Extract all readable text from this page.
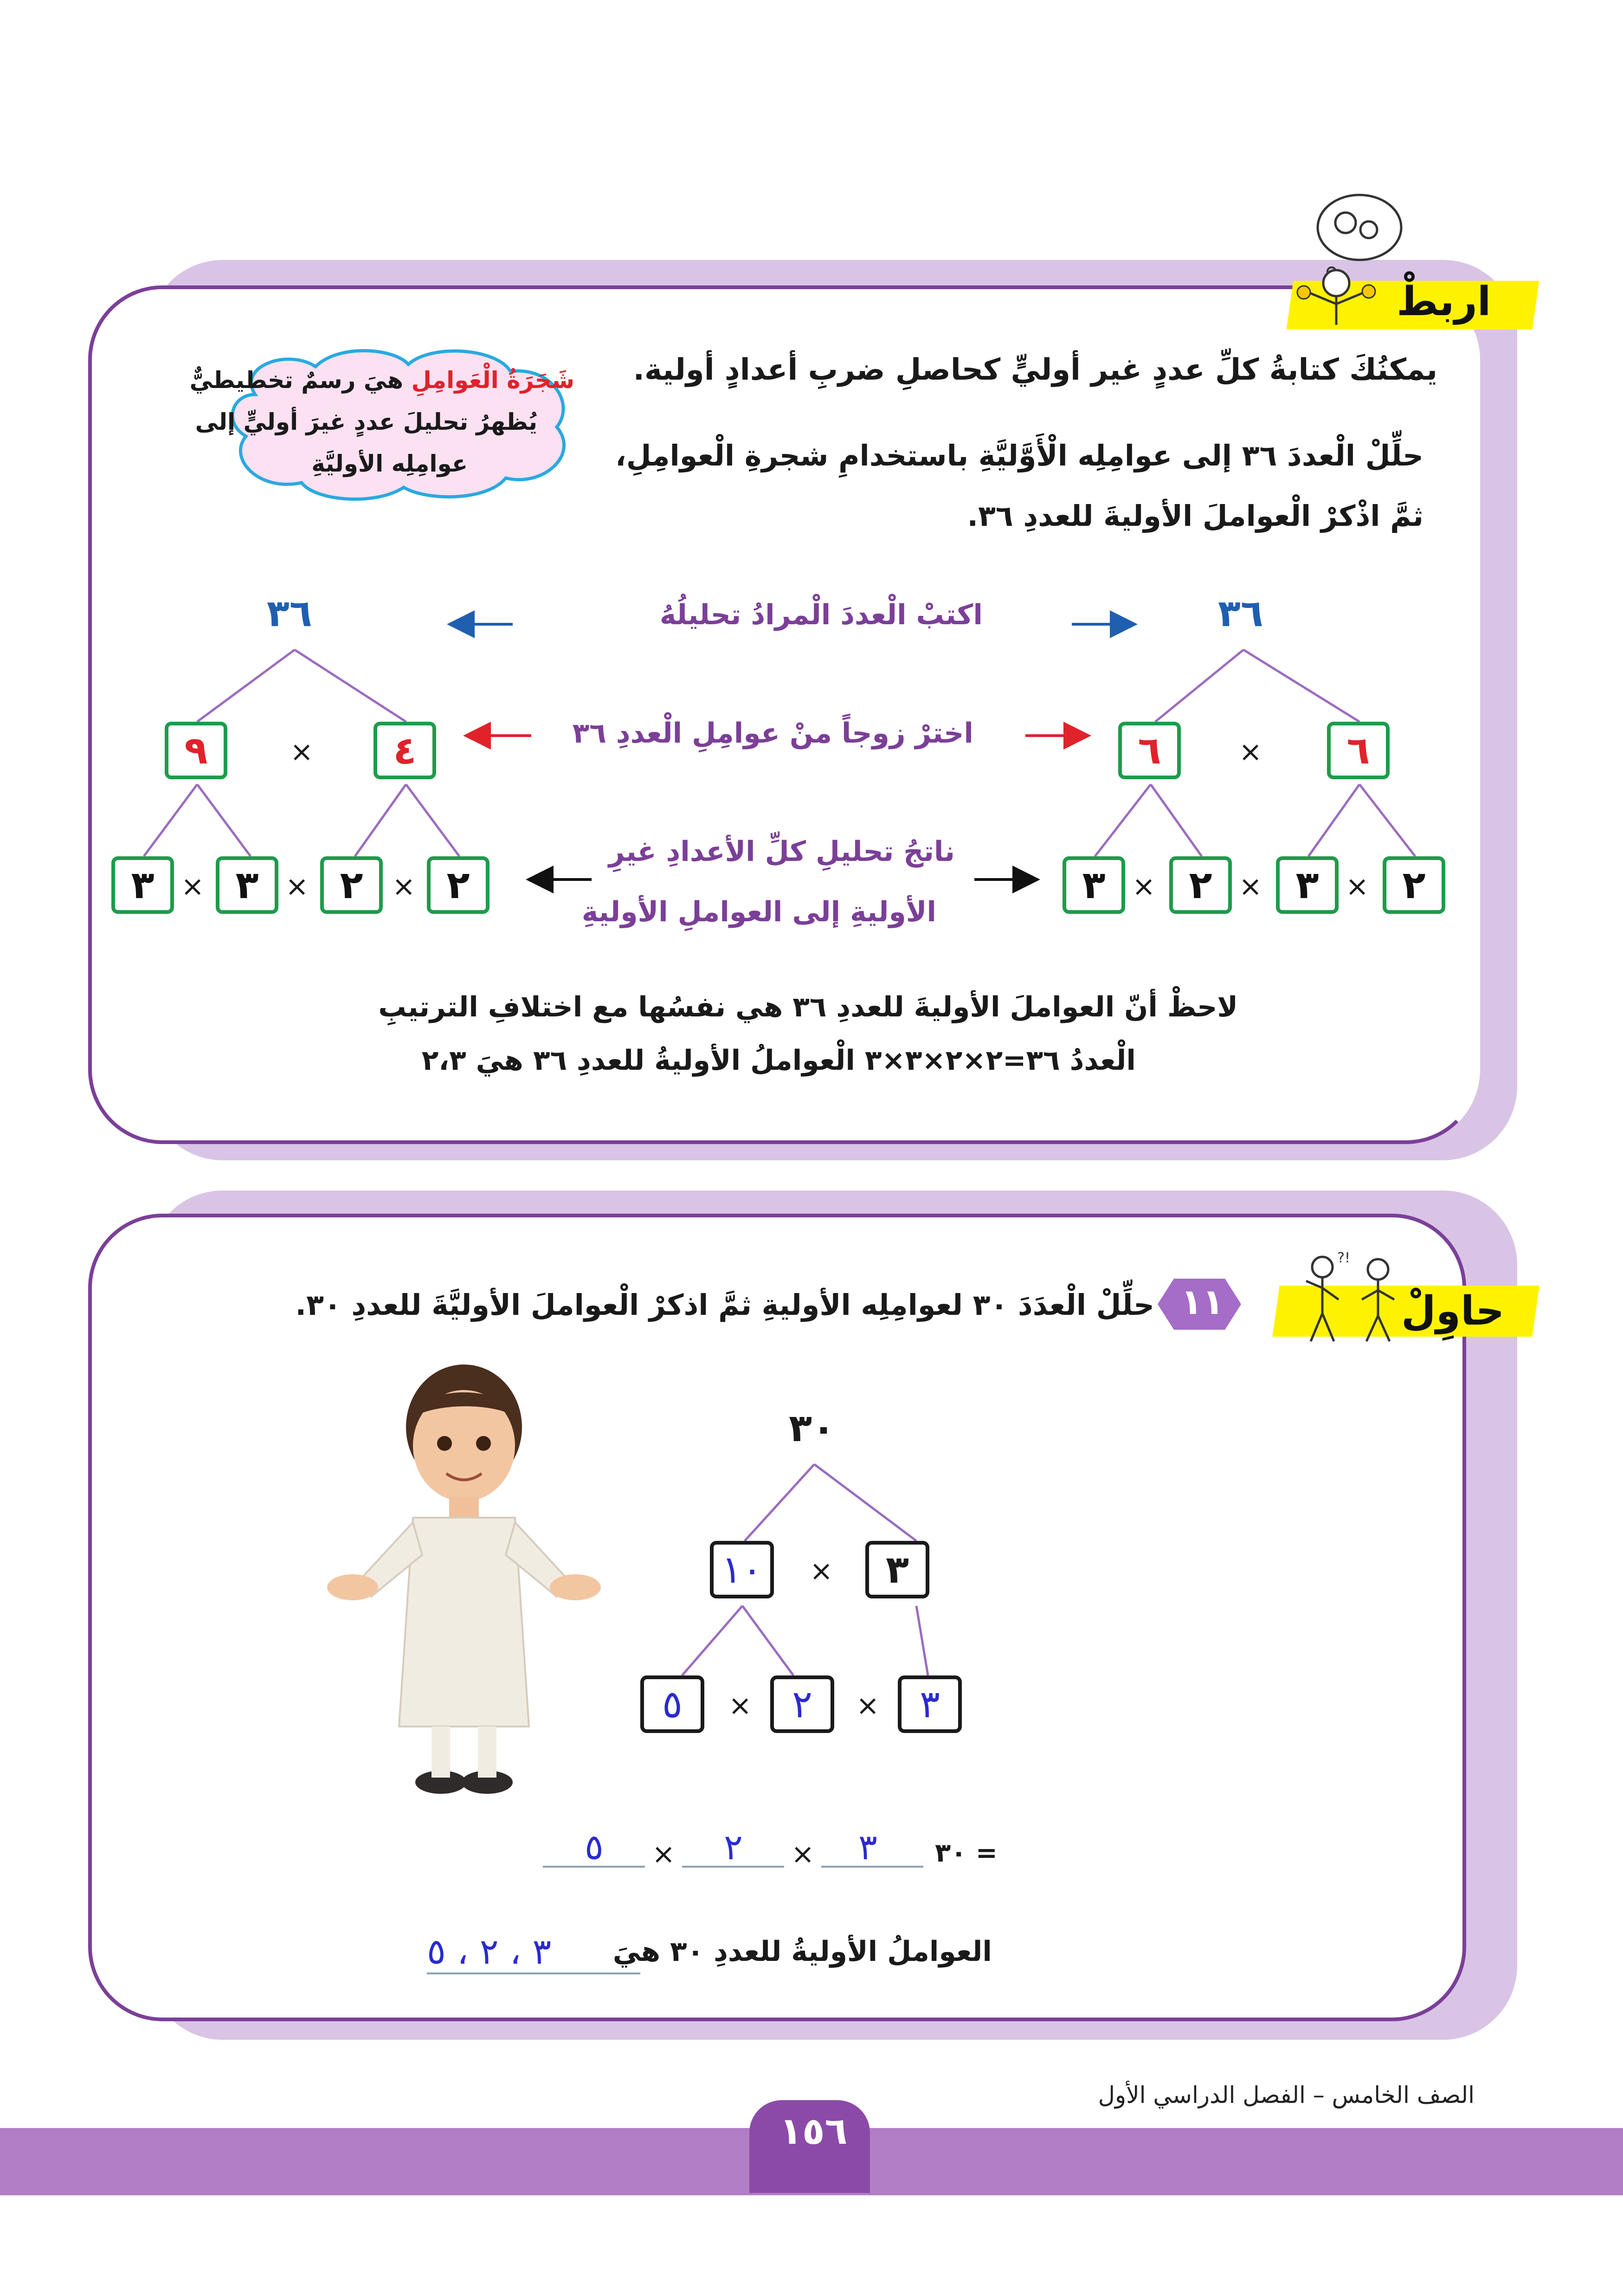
اربطْ
يمكنُكَ كتابةُ كلِّ عددٍ غير أوليٍّ كحاصلِ ضربِ أعدادٍ أولية.
حلِّلْ الْعددَ ٣٦ إلى عوامِلِه الْأَوَّليَّةِ باستخدامِ شجرةِ الْعوامِلِ،
ثمَّ اذْكرْ الْعواملَ الأوليةَ للعددِ ٣٦.
شَجَرَةُ الْعَوامِلِ هيَ رسمٌ تخطيطيٌّ
يُظهرُ تحليلَ عددٍ غيرَ أوليٍّ إلى
عوامِلِه الأوليَّةِ
اكتبْ الْعددَ الْمرادُ تحليلُهُ
اخترْ زوجاً منْ عوامِلِ الْعددِ ٣٦
ناتجُ تحليلِ كلِّ الأعدادِ غيرِ
الأوليةِ إلى العواملِ الأوليةِ
٣٦
٦
×
٦
٢
×
٣
×
٢
×
٣
٣٦
٤
×
٩
٢
×
٢
×
٣
×
٣
لاحظْ أنّ العواملَ الأوليةَ للعددِ ٣٦ هي نفسُها مع اختلافِ الترتيبِ
الْعددُ ٣٦=٢×٢×٣×٣ الْعواملُ الأوليةُ للعددِ ٣٦ هيَ ٢،٣
حاوِلْ
!?
١١
حلِّلْ الْعدَدَ ٣٠ لعوامِلِه الأوليةِ ثمَّ اذكرْ الْعواملَ الأوليَّةَ للعددِ ٣٠.
٣٠
٣
×
١٠
٣
×
٢
×
٥
٣٠ =
٣
×
٢
×
٥
العواملُ الأوليةُ للعددِ ٣٠ هيَ
٣ ، ٢ ، ٥
١٥٦
الصف الخامس – الفصل الدراسي الأول
